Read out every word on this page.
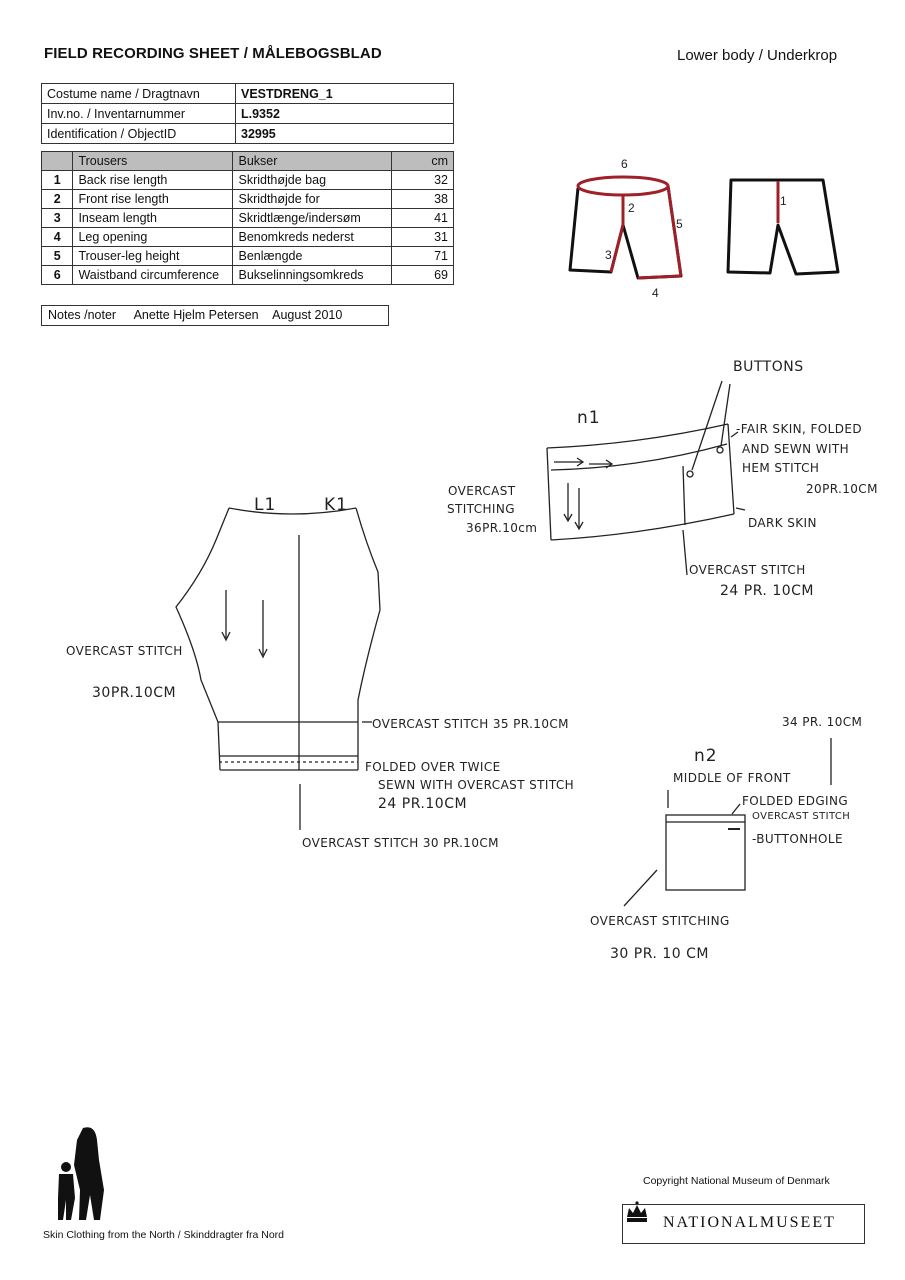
FIELD RECORDING SHEET / MÅLEBOGSBLAD	Lower body / Underkrop
Costume name / Dragtnavn	VESTDRENG_1
Inv.no. / Inventarnummer	L.9352
Identification / ObjectID	32995
	Trousers	Bukser	cm
1	Back rise length	Skridthøjde bag	32
2	Front rise length	Skridthøjde for	38
3	Inseam length	Skridtlænge/indersøm	41
4	Leg opening	Benomkreds nederst	31
5	Trouser-leg height	Benlængde	71
6	Waistband circumference	Bukselinningsomkreds	69
Notes /noter Anette Hjelm Petersen August 2010
6
2
3
5
4
1
BUTTONS
n1
-FAIR SKIN, FOLDED
AND SEWN WITH
HEM STITCH
20PR.10CM
OVERCAST
STITCHING
36PR.10cm	DARK SKIN
OVERCAST STITCH
24 PR. 10CM
L1	K1
OVERCAST STITCH
30PR.10CM
OVERCAST STITCH 35 PR.10CM
FOLDED OVER TWICE
SEWN WITH OVERCAST STITCH
24 PR.10CM
OVERCAST STITCH 30 PR.10CM
34 PR. 10CM
n2
MIDDLE OF FRONT
FOLDED EDGING
OVERCAST STITCH
-BUTTONHOLE
OVERCAST STITCHING
30 PR. 10 CM
Skin Clothing from the North / Skinddragter fra Nord
Copyright National Museum of Denmark
NATIONALMUSEET
